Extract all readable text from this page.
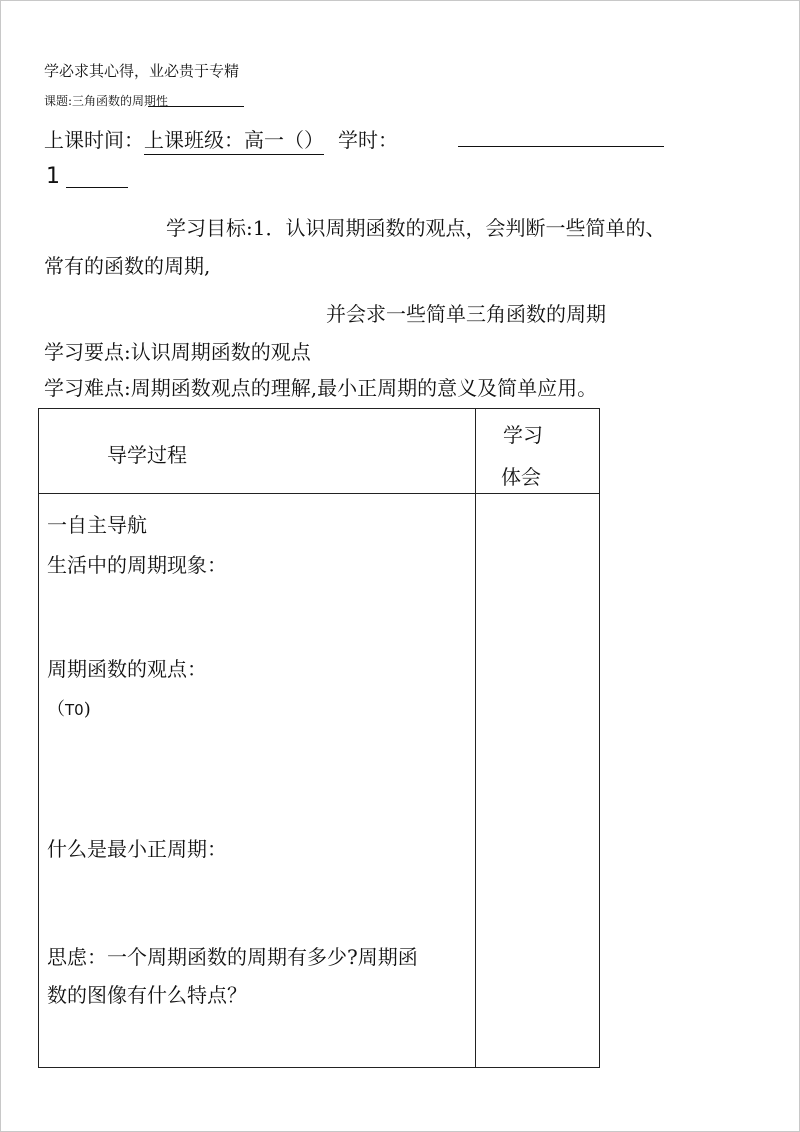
学必求其心得，业必贵于专精
课题:三角函数的周期性
上课时间：上课班级：高一（） 学时：
1
学习目标:1．认识周期函数的观点，会判断一些简单的、
常有的函数的周期,
并会求一些简单三角函数的周期
学习要点:认识周期函数的观点
学习难点:周期函数观点的理解,最小正周期的意义及简单应用。
导学过程
学习
体会
一自主导航
生活中的周期现象：
周期函数的观点：
（T0)
什么是最小正周期：
思虑：一个周期函数的周期有多少?周期函
数的图像有什么特点？
